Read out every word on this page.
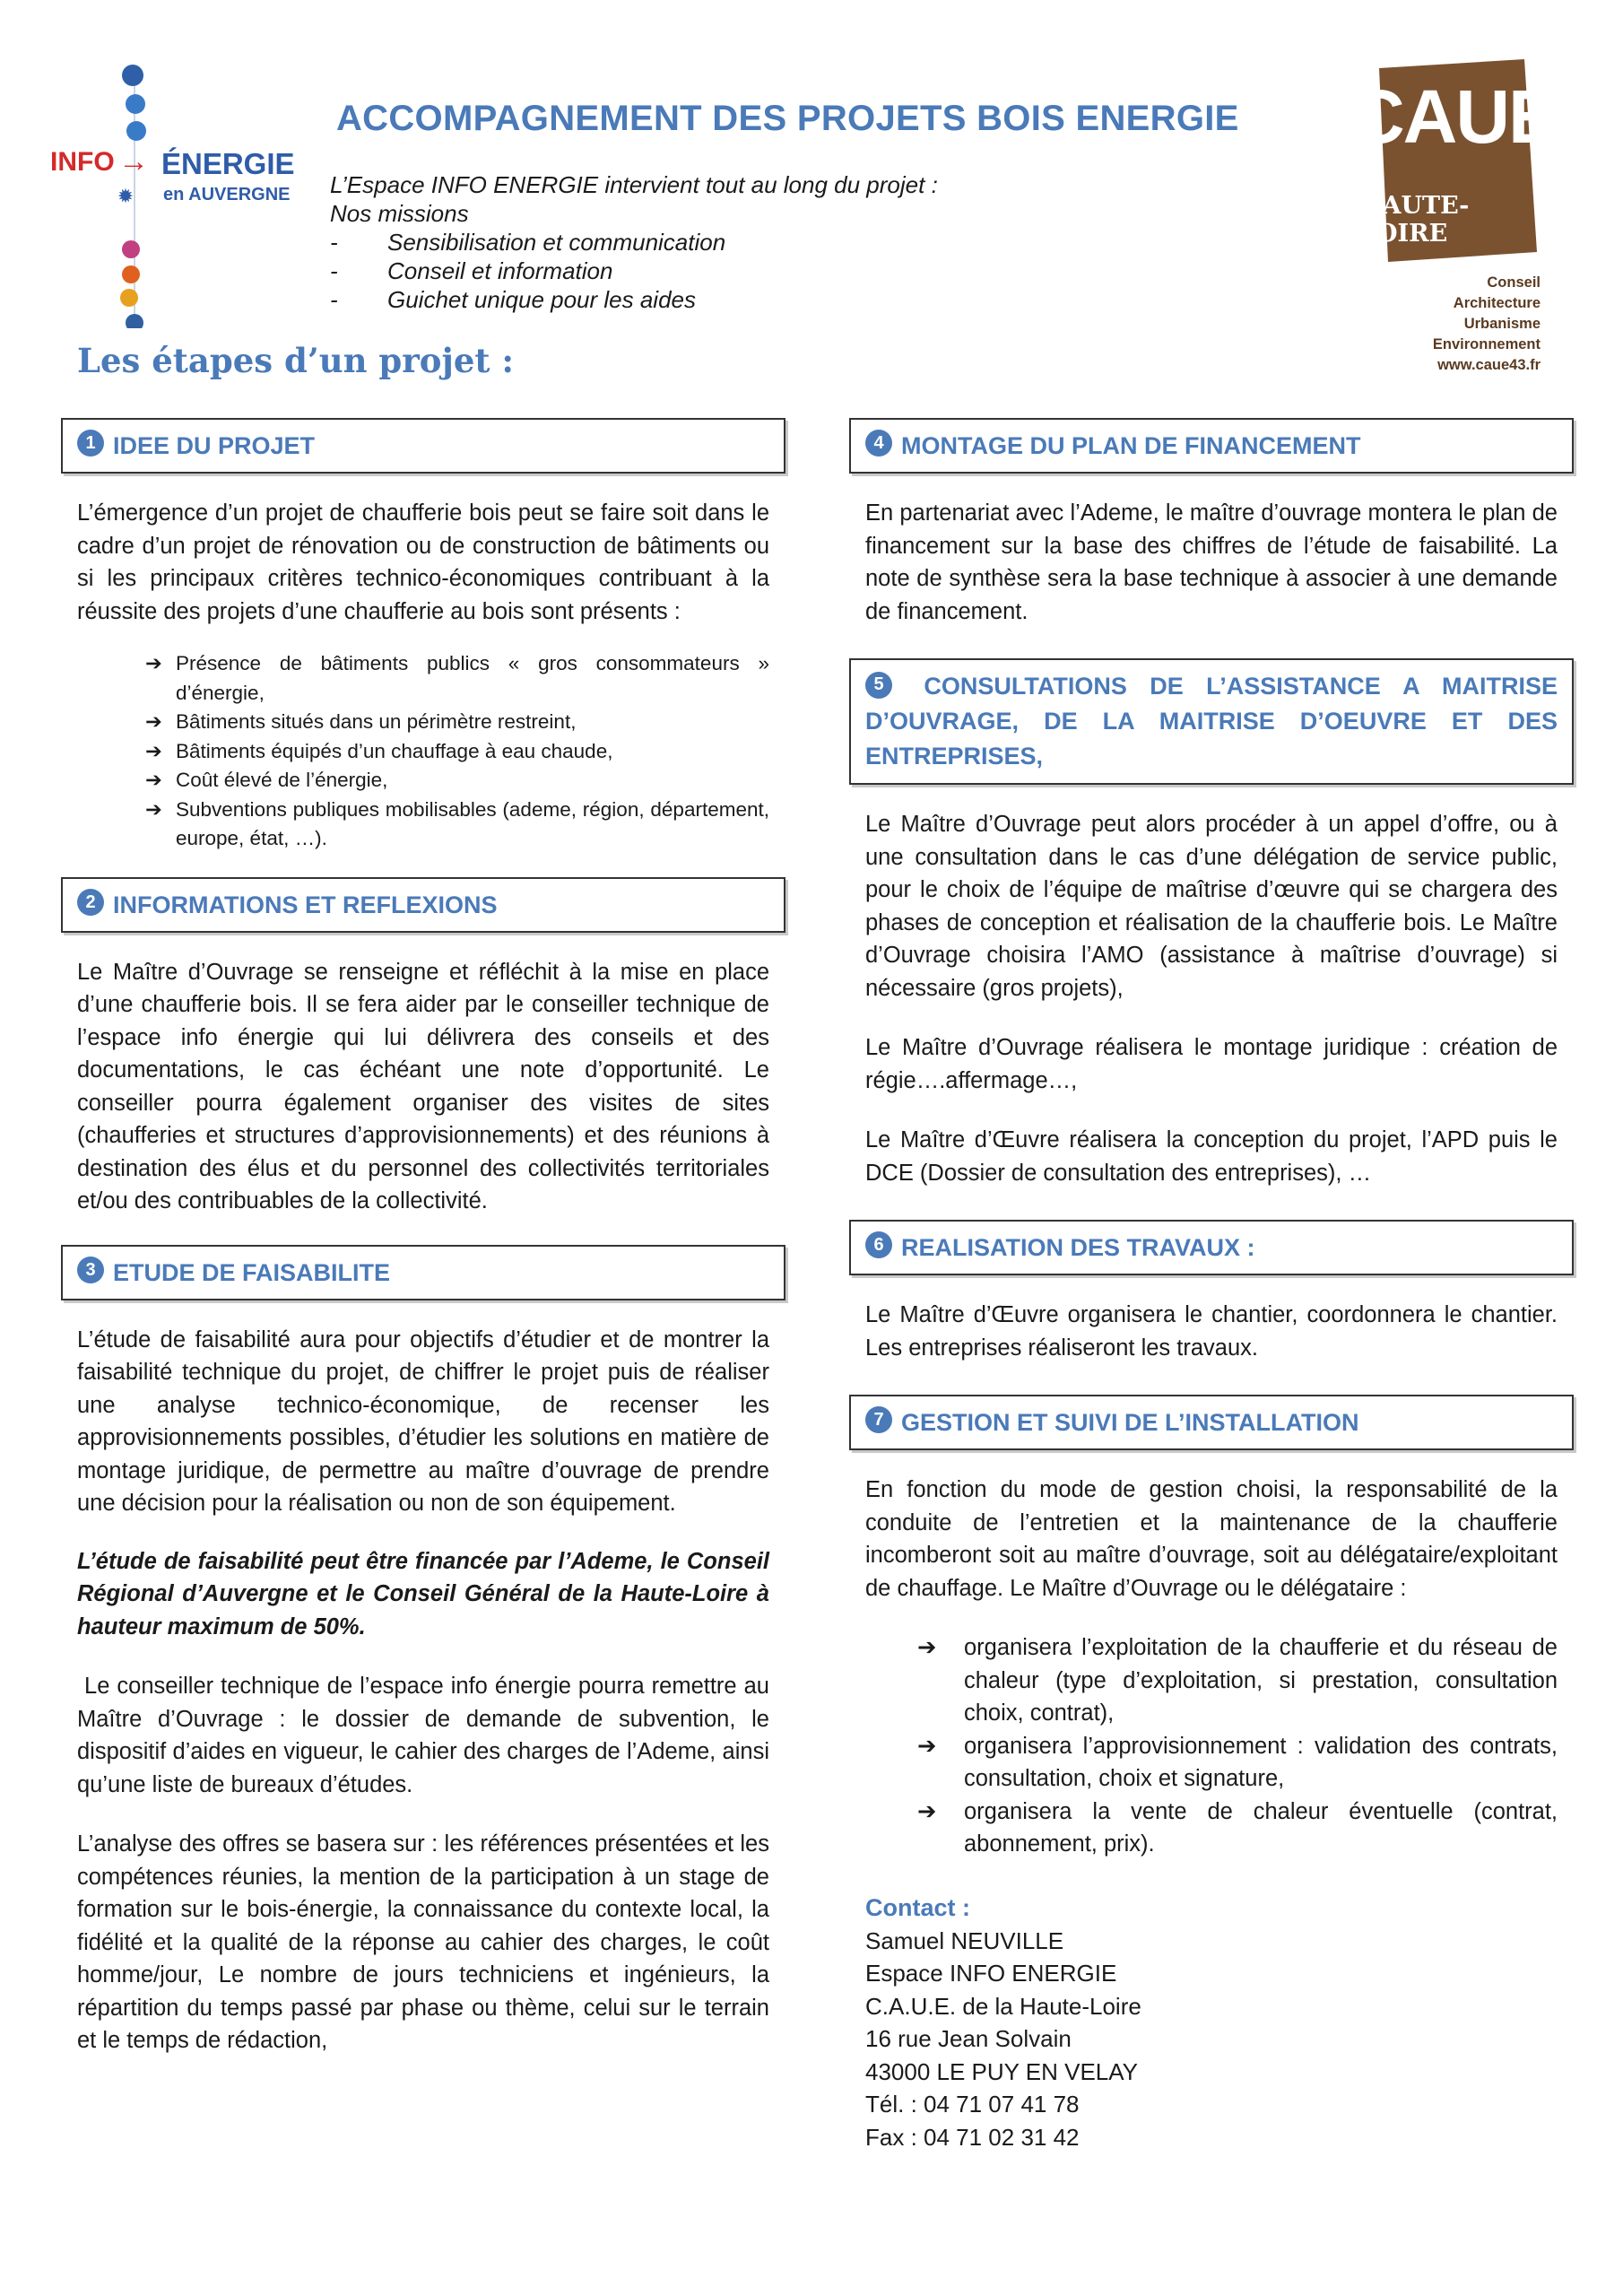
INFO → ÉNERGIE
✹ en AUVERGNE
ACCOMPAGNEMENT DES PROJETS BOIS ENERGIE
L’Espace INFO ENERGIE intervient tout au long du projet :
Nos missions
-	Sensibilisation et communication
-	Conseil et information
-	Guichet unique pour les aides
CAUE
HAUTE-LOIRE
Conseil
Architecture
Urbanisme
Environnement
www.caue43.fr
Les étapes d’un projet :
1 IDEE DU PROJET

L’émergence d’un projet de chaufferie bois peut se faire soit dans le cadre d’un projet de rénovation ou de construction de bâtiments ou si les principaux critères technico-économiques contribuant à la réussite des projets d’une chaufferie au bois sont présents :

➔ Présence de bâtiments publics « gros consommateurs » d’énergie,
➔ Bâtiments situés dans un périmètre restreint,
➔ Bâtiments équipés d’un chauffage à eau chaude,
➔ Coût élevé de l’énergie,
➔ Subventions publiques mobilisables (ademe, région, département, europe, état, …).
2 INFORMATIONS ET REFLEXIONS

Le Maître d’Ouvrage se renseigne et réfléchit à la mise en place d’une chaufferie bois. Il se fera aider par le conseiller technique de l’espace info énergie qui lui délivrera des conseils et des documentations, le cas échéant une note d’opportunité. Le conseiller pourra également organiser des visites de sites (chaufferies et structures d’approvisionnements) et des réunions à destination des élus et du personnel des collectivités territoriales et/ou des contribuables de la collectivité.

3 ETUDE DE FAISABILITE

L’étude de faisabilité aura pour objectifs d’étudier et de montrer la faisabilité technique du projet, de chiffrer le projet puis de réaliser une analyse technico-économique, de recenser les approvisionnements possibles, d’étudier les solutions en matière de montage juridique, de permettre au maître d’ouvrage de prendre une décision pour la réalisation ou non de son équipement.

L’étude de faisabilité peut être financée par l’Ademe, le Conseil Régional d’Auvergne et le Conseil Général de la Haute-Loire à hauteur maximum de 50%.

Le conseiller technique de l’espace info énergie pourra remettre au Maître d’Ouvrage : le dossier de demande de subvention, le dispositif d’aides en vigueur, le cahier des charges de l’Ademe, ainsi qu’une liste de bureaux d’études.

L’analyse des offres se basera sur : les références présentées et les compétences réunies, la mention de la participation à un stage de formation sur le bois-énergie, la connaissance du contexte local, la fidélité et la qualité de la réponse au cahier des charges, le coût homme/jour, Le nombre de jours techniciens et ingénieurs, la répartition du temps passé par phase ou thème, celui sur le terrain et le temps de rédaction,

4 MONTAGE DU PLAN DE FINANCEMENT

En partenariat avec l’Ademe, le maître d’ouvrage montera le plan de financement sur la base des chiffres de l’étude de faisabilité. La note de synthèse sera la base technique à associer à une demande de financement.

5 CONSULTATIONS DE L’ASSISTANCE A MAITRISE D’OUVRAGE, DE LA MAITRISE D’OEUVRE ET DES ENTREPRISES,

Le Maître d’Ouvrage peut alors procéder à un appel d’offre, ou à une consultation dans le cas d’une délégation de service public, pour le choix de l’équipe de maîtrise d’œuvre qui se chargera des phases de conception et réalisation de la chaufferie bois. Le Maître d’Ouvrage choisira l’AMO (assistance à maîtrise d’ouvrage) si nécessaire (gros projets),

Le Maître d’Ouvrage réalisera le montage juridique : création de régie….affermage…,

Le Maître d’Œuvre réalisera la conception du projet, l’APD puis le DCE (Dossier de consultation des entreprises), …

6 REALISATION DES TRAVAUX :

Le Maître d’Œuvre organisera le chantier, coordonnera le chantier. Les entreprises réaliseront les travaux.

7 GESTION ET SUIVI DE L’INSTALLATION

En fonction du mode de gestion choisi, la responsabilité de la conduite de l’entretien et la maintenance de la chaufferie incomberont soit au maître d’ouvrage, soit au délégataire/exploitant de chauffage. Le Maître d’Ouvrage ou le délégataire :

➔	organisera l’exploitation de la chaufferie et du réseau de chaleur (type d’exploitation, si prestation, consultation choix, contrat),
➔	organisera l’approvisionnement : validation des contrats, consultation, choix et signature,
➔	organisera la vente de chaleur éventuelle (contrat, abonnement, prix).
Contact :
Samuel NEUVILLE
Espace INFO ENERGIE
C.A.U.E. de la Haute-Loire
16 rue Jean Solvain
43000 LE PUY EN VELAY
Tél. : 04 71 07 41 78
Fax : 04 71 02 31 42
